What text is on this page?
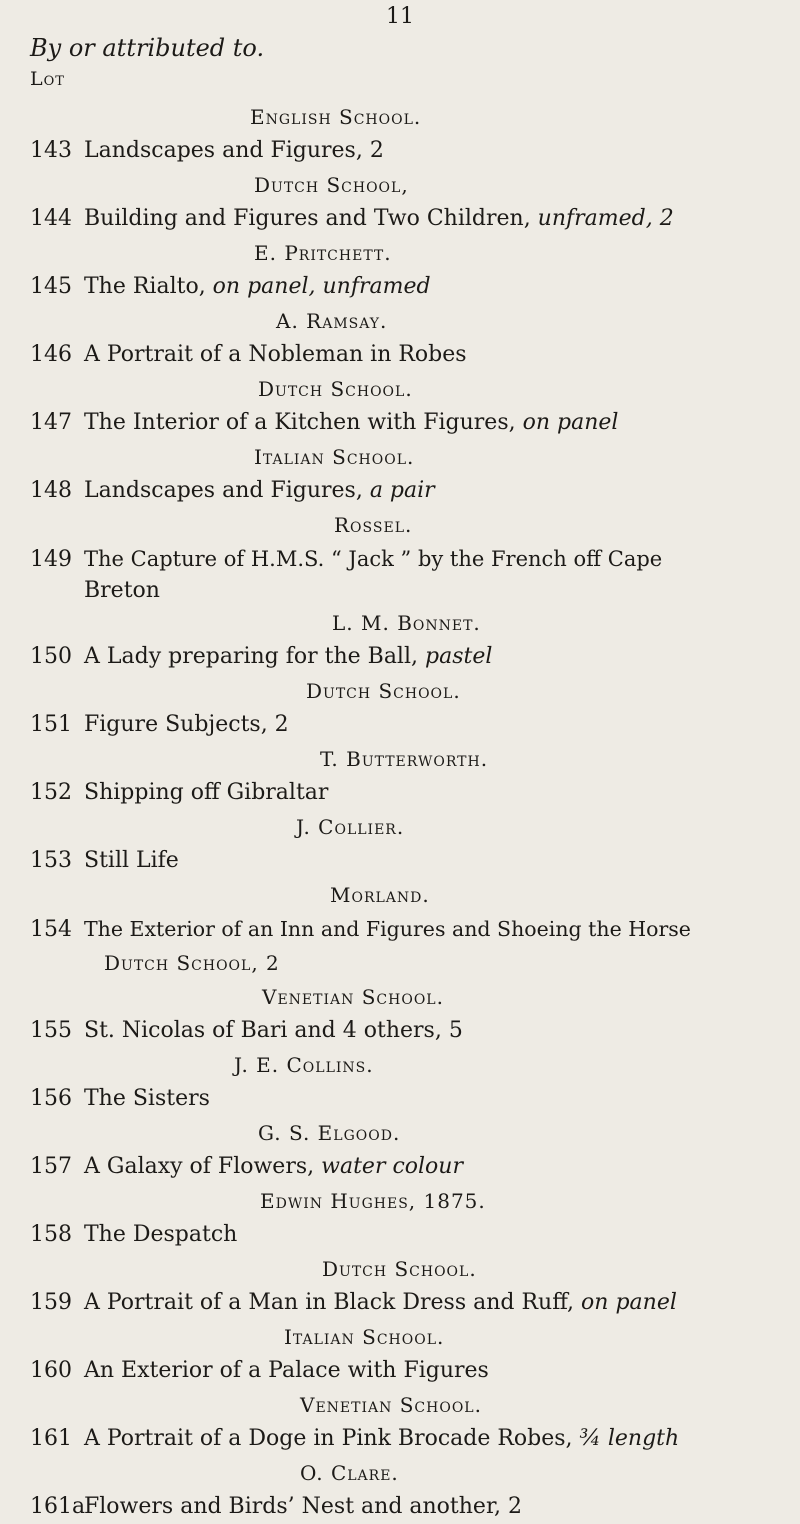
11
By or attributed to.
Lot
English School.
143 Landscapes and Figures, 2
Dutch School,
144 Building and Figures and Two Children, unframed, 2
E. Pritchett.
145 The Rialto, on panel, unframed
A. Ramsay.
146 A Portrait of a Nobleman in Robes
Dutch School.
147 The Interior of a Kitchen with Figures, on panel
Italian School.
148 Landscapes and Figures, a pair
Rossel.
149 The Capture of H.M.S. “ Jack ” by the French off Cape
Breton
L. M. Bonnet.
150 A Lady preparing for the Ball, pastel
Dutch School.
151 Figure Subjects, 2
T. Butterworth.
152 Shipping off Gibraltar
J. Collier.
153 Still Life
Morland.
154 The Exterior of an Inn and Figures and Shoeing the Horse
Dutch School, 2
Venetian School.
155 St. Nicolas of Bari and 4 others, 5
J. E. Collins.
156 The Sisters
G. S. Elgood.
157 A Galaxy of Flowers, water colour
Edwin Hughes, 1875.
158 The Despatch
Dutch School.
159 A Portrait of a Man in Black Dress and Ruff, on panel
Italian School.
160 An Exterior of a Palace with Figures
Venetian School.
161 A Portrait of a Doge in Pink Brocade Robes, ¾ length
O. Clare.
161a
Flowers and Birds’ Nest and another, 2
